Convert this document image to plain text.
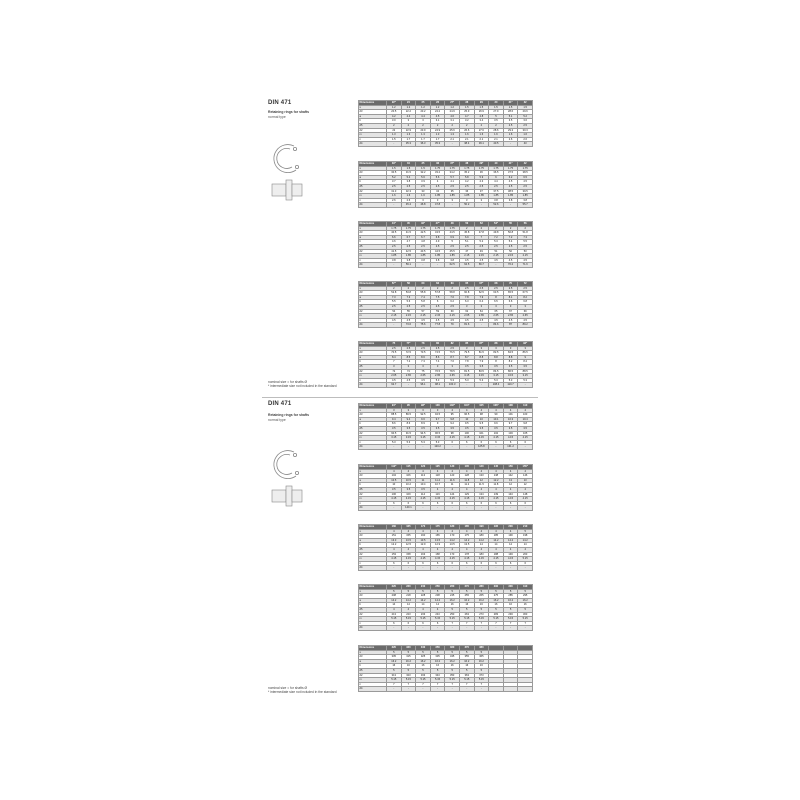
DIN 471
Retaining rings for shafts
normal type
nominal size = for shafts Ø
* intermediate size not included in the standard
DIN 471
Retaining rings for shafts
normal type
nominal size = for shafts Ø
* intermediate size not included in the standard
Dimensions	22*	24	25	26	27*	28	29	30	31*	32
s	1.2	1.2	1.2	1.2	1.2	1.5	1.5	1.5	1.5	1.5
d3	20.5	22.2	23.2	24.2	24.9	25.9	26.9	27.9	28.6	29.6
a	4.2	4.4	4.4	4.5	4.6	4.7	4.8	5	5.1	5.2
b	3.0	3	3	3.1	3.1	3.2	3.4	3.5	3.5	3.6
d5	2	2	2	2	2	2	2	2	2.5	2.5
d2	22	22.9	23.9	24.9	25.6	26.6	27.6	28.6	29.3	30.3
m	1.3	1.3	1.3	1.3	1.3	1.6	1.6	1.6	1.6	1.6
n	1.5	1.7	1.7	1.7	2.1	2.1	2.1	2.1	2.6	2.6
d4	-	35.3	36.3	35.3	-	38.4	39.1	40.5	-	43
Dimensions	33*	34	35	36	37*	38	39*	40	41*	42
s	1.5	1.5	1.5	1.75	1.75	1.75	1.75	1.75	1.75	1.75
d3	30.5	31.5	32.2	33.2	34.2	35.2	36	36.5	37.5	38.5
a	5.2	5.4	5.6	5.6	5.7	5.8	5.9	6	6.2	6.5
b	3.7	3.8	3.9	4	4.1	4.2	4.3	4.4	4.5	4.5
d5	2.5	2.5	2.5	2.5	2.5	2.5	2.5	2.5	2.5	2.5
d2	31.3	32.3	33	34	35	36	37	37.5	38.5	39.5
m	1.6	1.6	1.6	1.85	1.85	1.85	1.85	1.85	1.85	1.85
n	2.6	2.6	3	3	3	3	3	3.8	3.8	3.8
d4	-	45.4	46.8	47.8	-	50.2	-	52.6	-	55.7
Dimensions	44*	45	46*	47*	48	50	52	54*	55	56
s	1.75	1.75	1.75	1.75	1.75	2	2	2	2	2
d3	40.5	41.5	42.5	43.5	44.5	45.8	47.8	49.8	50.8	51.8
a	6.6	6.7	6.7	6.8	6.9	6.9	7	7.2	7.2	7.3
b	4.6	4.7	4.8	4.9	5	5.1	5.2	5.3	5.4	5.5
d5	2.5	2.5	2.5	2.5	2.5	2.5	2.5	2.5	2.5	2.5
d2	41.5	42.5	43.5	44.5	45.5	47	49	51	52	53
m	1.85	1.85	1.85	1.85	1.85	2.15	2.15	2.15	2.15	2.15
n	3.8	3.8	3.8	3.8	3.8	4.5	4.5	4.5	4.5	4.5
d4	-	59.1	-	-	62.5	64.5	66.7	-	70.2	71.6
Dimensions	57*	58	60	62	63	65	67*	68	70	72
s	2	2	2	2	2	2.5	2.5	2.5	2.5	2.5
d3	52.8	53.8	55.8	57.8	58.8	60.8	62.5	63.5	65.5	67.5
a	7.3	7.3	7.4	7.5	7.6	7.8	7.9	8	8.1	8.2
b	5.5	5.6	5.8	6	6.2	6.3	6.4	6.5	6.6	6.8
d5	2.5	2.5	2.5	2.5	2.5	3	3	3	3	3
d2	54	55	57	59	60	62	64	65	67	69
m	2.15	2.15	2.15	2.15	2.15	2.65	2.65	2.65	2.65	2.65
n	4.5	4.5	4.5	4.5	4.5	4.5	4.5	4.5	4.5	4.5
d4	-	73.6	75.6	77.8	79	81.6	-	84.6	87	89.2
Dimensions	75	77*	78	80	82	85	87*	88	90	92*
s	2.5	2.5	2.5	2.5	2.5	3	3	3	3	3
d3	70.5	72.5	73.5	74.5	76.5	79.5	81.5	82.5	84.5	86.5
a	8.4	8.5	8.6	8.6	8.7	8.7	8.8	8.8	8.8	9
b	7	7.2	7.3	7.4	7.6	7.8	7.9	8	8.2	8.4
d5	3	3	3	3	3	3.5	3.5	3.5	3.5	3.5
d2	72	74	75	76.5	78.5	81.5	83.5	84.5	86.5	88.5
m	2.65	2.65	2.65	2.65	2.65	3.15	3.15	3.15	3.15	3.15
n	4.5	4.5	4.5	5.3	5.3	5.3	5.3	5.3	5.3	5.3
d4	92.7	-	96.1	98.1	100.3	-	-	108.4	110.7	-
Dimensions	94*	95	98*	100	102*	104*	105	106*	108	110
s	3	3	3	3	4	4	4	4	4	4
d3	88.5	89.5	92.5	94.5	95	96.5	98	99	101	103
a	9.4	9.4	9.6	9.7	9.8	10	10	10.1	10.3	10.4
b	8.6	8.6	8.9	9	9.2	9.5	9.5	9.6	9.7	9.8
d5	3.5	3.5	3.5	3.5	3.5	3.5	3.5	3.5	3.5	3.5
d2	90.5	91.5	94.5	96.5	98	100	101	102	103	105
m	3.15	3.15	3.15	3.15	4.15	4.15	4.15	4.15	4.15	4.15
n	5.3	5.3	5.3	5.3	6	6	6	6	6	6
d4	-	-	-	120.2	-	-	125.8	-	131.2	-
Dimensions	112*	115	120	125	130	135	140	145	150	155*
s	4	4	4	4	4	4	4	4	4	4
d3	104	106	113	118	123	128	133	138	142	146
a	10.5	10.5	11	11.4	11.6	11.8	12	12.2	13	13
b	10	10.2	10.4	10.7	11	11.2	11.5	11.8	12	12
d5	3.5	3.5	3.5	4	4	4	4	4	4	4
d2	106	109	114	119	124	129	134	139	143	148
m	4.15	4.15	4.15	4.15	4.15	4.15	4.15	4.15	4.15	4.15
n	6	6	6	6	6	6	6	6	6	6
d4	-	140.1	-	-	-	-	-	-	-	-
Dimensions	160	165	170	175	180	185	190	195	200	210
s	4	4	4	4	4	4	4	4	4	5
d3	151	155	160	165	170	175	180	185	190	198
a	13.3	13.5	13.5	13.5	14.2	14.2	14.2	14.2	14.2	14.2
b	12.2	12.5	12.9	12.9	13.5	13.5	14	14	14	14
d5	4	4	4	4	4	4	4	4	4	4
d2	153	158	163	168	173	178	183	188	193	203
m	4.15	4.15	4.15	4.15	4.15	4.15	4.15	4.15	4.15	5.15
n	6	6	6	6	6	6	6	6	6	6
d4	-	-	-	-	-	-	-	-	-	-
Dimensions	220	230	240	250	260	270	280	290	300	310
s	5	5	5	5	5	5	5	5	5	5
d3	208	218	228	238	245	255	265	275	285	295
a	14.2	14.2	14.2	14.2	16.2	16.2	16.2	16.2	16.2	16.2
b	14	14	14	14	16	16	16	16	16	16
d5	4	4	4	4	5	5	5	5	5	5
d2	213	223	233	243	253	263	273	283	293	303
m	5.15	5.15	5.15	5.15	5.15	5.15	5.15	5.15	5.15	5.15
n	6	6	6	6	7	7	7	7	7	7
d4	-	-	-	-	-	-	-	-	-	-
Dimensions	320	330	340	350	360	370	380			
s	5	5	5	5	5	5	5			
d3	305	315	325	335	345	355	365			
a	16.2	16.2	16.2	16.2	16.2	16.2	16.2			
b	16	16	16	16	16	16	16			
d5	5	5	5	5	5	5	5			
d2	313	323	333	343	353	363	373			
m	5.15	5.15	5.15	5.15	5.15	5.15	5.15			
n	7	7	7	7	7	7	7			
d4	-	-	-	-	-	-	-			
